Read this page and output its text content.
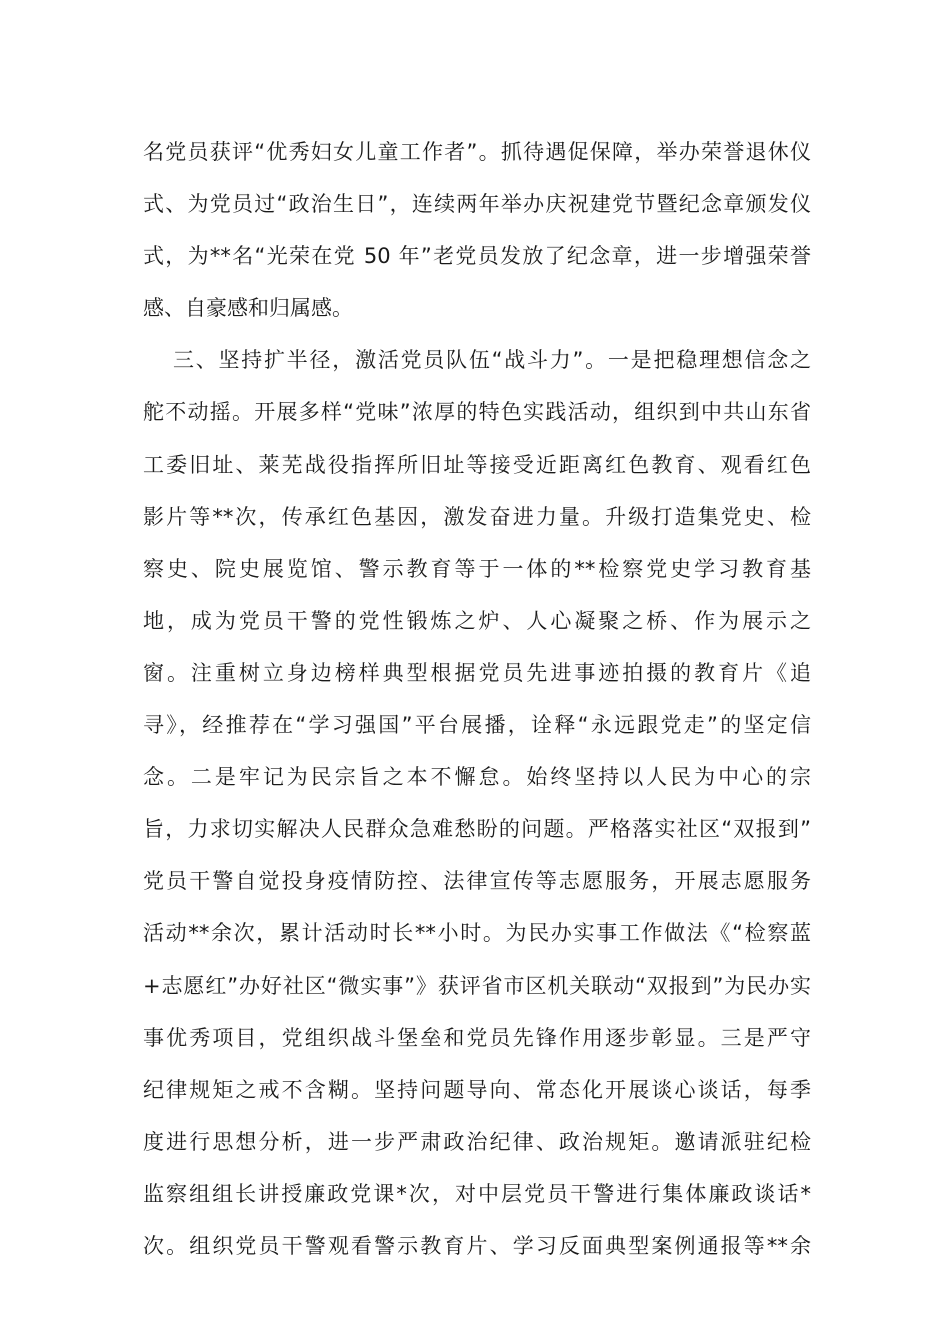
名党员获评“优秀妇女儿童工作者”。抓待遇促保障，举办荣誉退休仪
式、为党员过“政治生日”，连续两年举办庆祝建党节暨纪念章颁发仪
式，为**名“光荣在党 50 年”老党员发放了纪念章，进一步增强荣誉
感、自豪感和归属感。
三、坚持扩半径，激活党员队伍“战斗力”。一是把稳理想信念之
舵不动摇。开展多样“党味”浓厚的特色实践活动，组织到中共山东省
工委旧址、莱芜战役指挥所旧址等接受近距离红色教育、观看红色
影片等**次，传承红色基因，激发奋进力量。升级打造集党史、检
察史、院史展览馆、警示教育等于一体的**检察党史学习教育基
地，成为党员干警的党性锻炼之炉、人心凝聚之桥、作为展示之
窗。注重树立身边榜样典型根据党员先进事迹拍摄的教育片《追
寻》，经推荐在“学习强国”平台展播，诠释“永远跟党走”的坚定信
念。二是牢记为民宗旨之本不懈怠。始终坚持以人民为中心的宗
旨，力求切实解决人民群众急难愁盼的问题。严格落实社区“双报到”
党员干警自觉投身疫情防控、法律宣传等志愿服务，开展志愿服务
活动**余次，累计活动时长**小时。为民办实事工作做法《“检察蓝
+志愿红”办好社区“微实事”》获评省市区机关联动“双报到”为民办实
事优秀项目，党组织战斗堡垒和党员先锋作用逐步彰显。三是严守
纪律规矩之戒不含糊。坚持问题导向、常态化开展谈心谈话，每季
度进行思想分析，进一步严肃政治纪律、政治规矩。邀请派驻纪检
监察组组长讲授廉政党课*次，对中层党员干警进行集体廉政谈话*
次。组织党员干警观看警示教育片、学习反面典型案例通报等**余
